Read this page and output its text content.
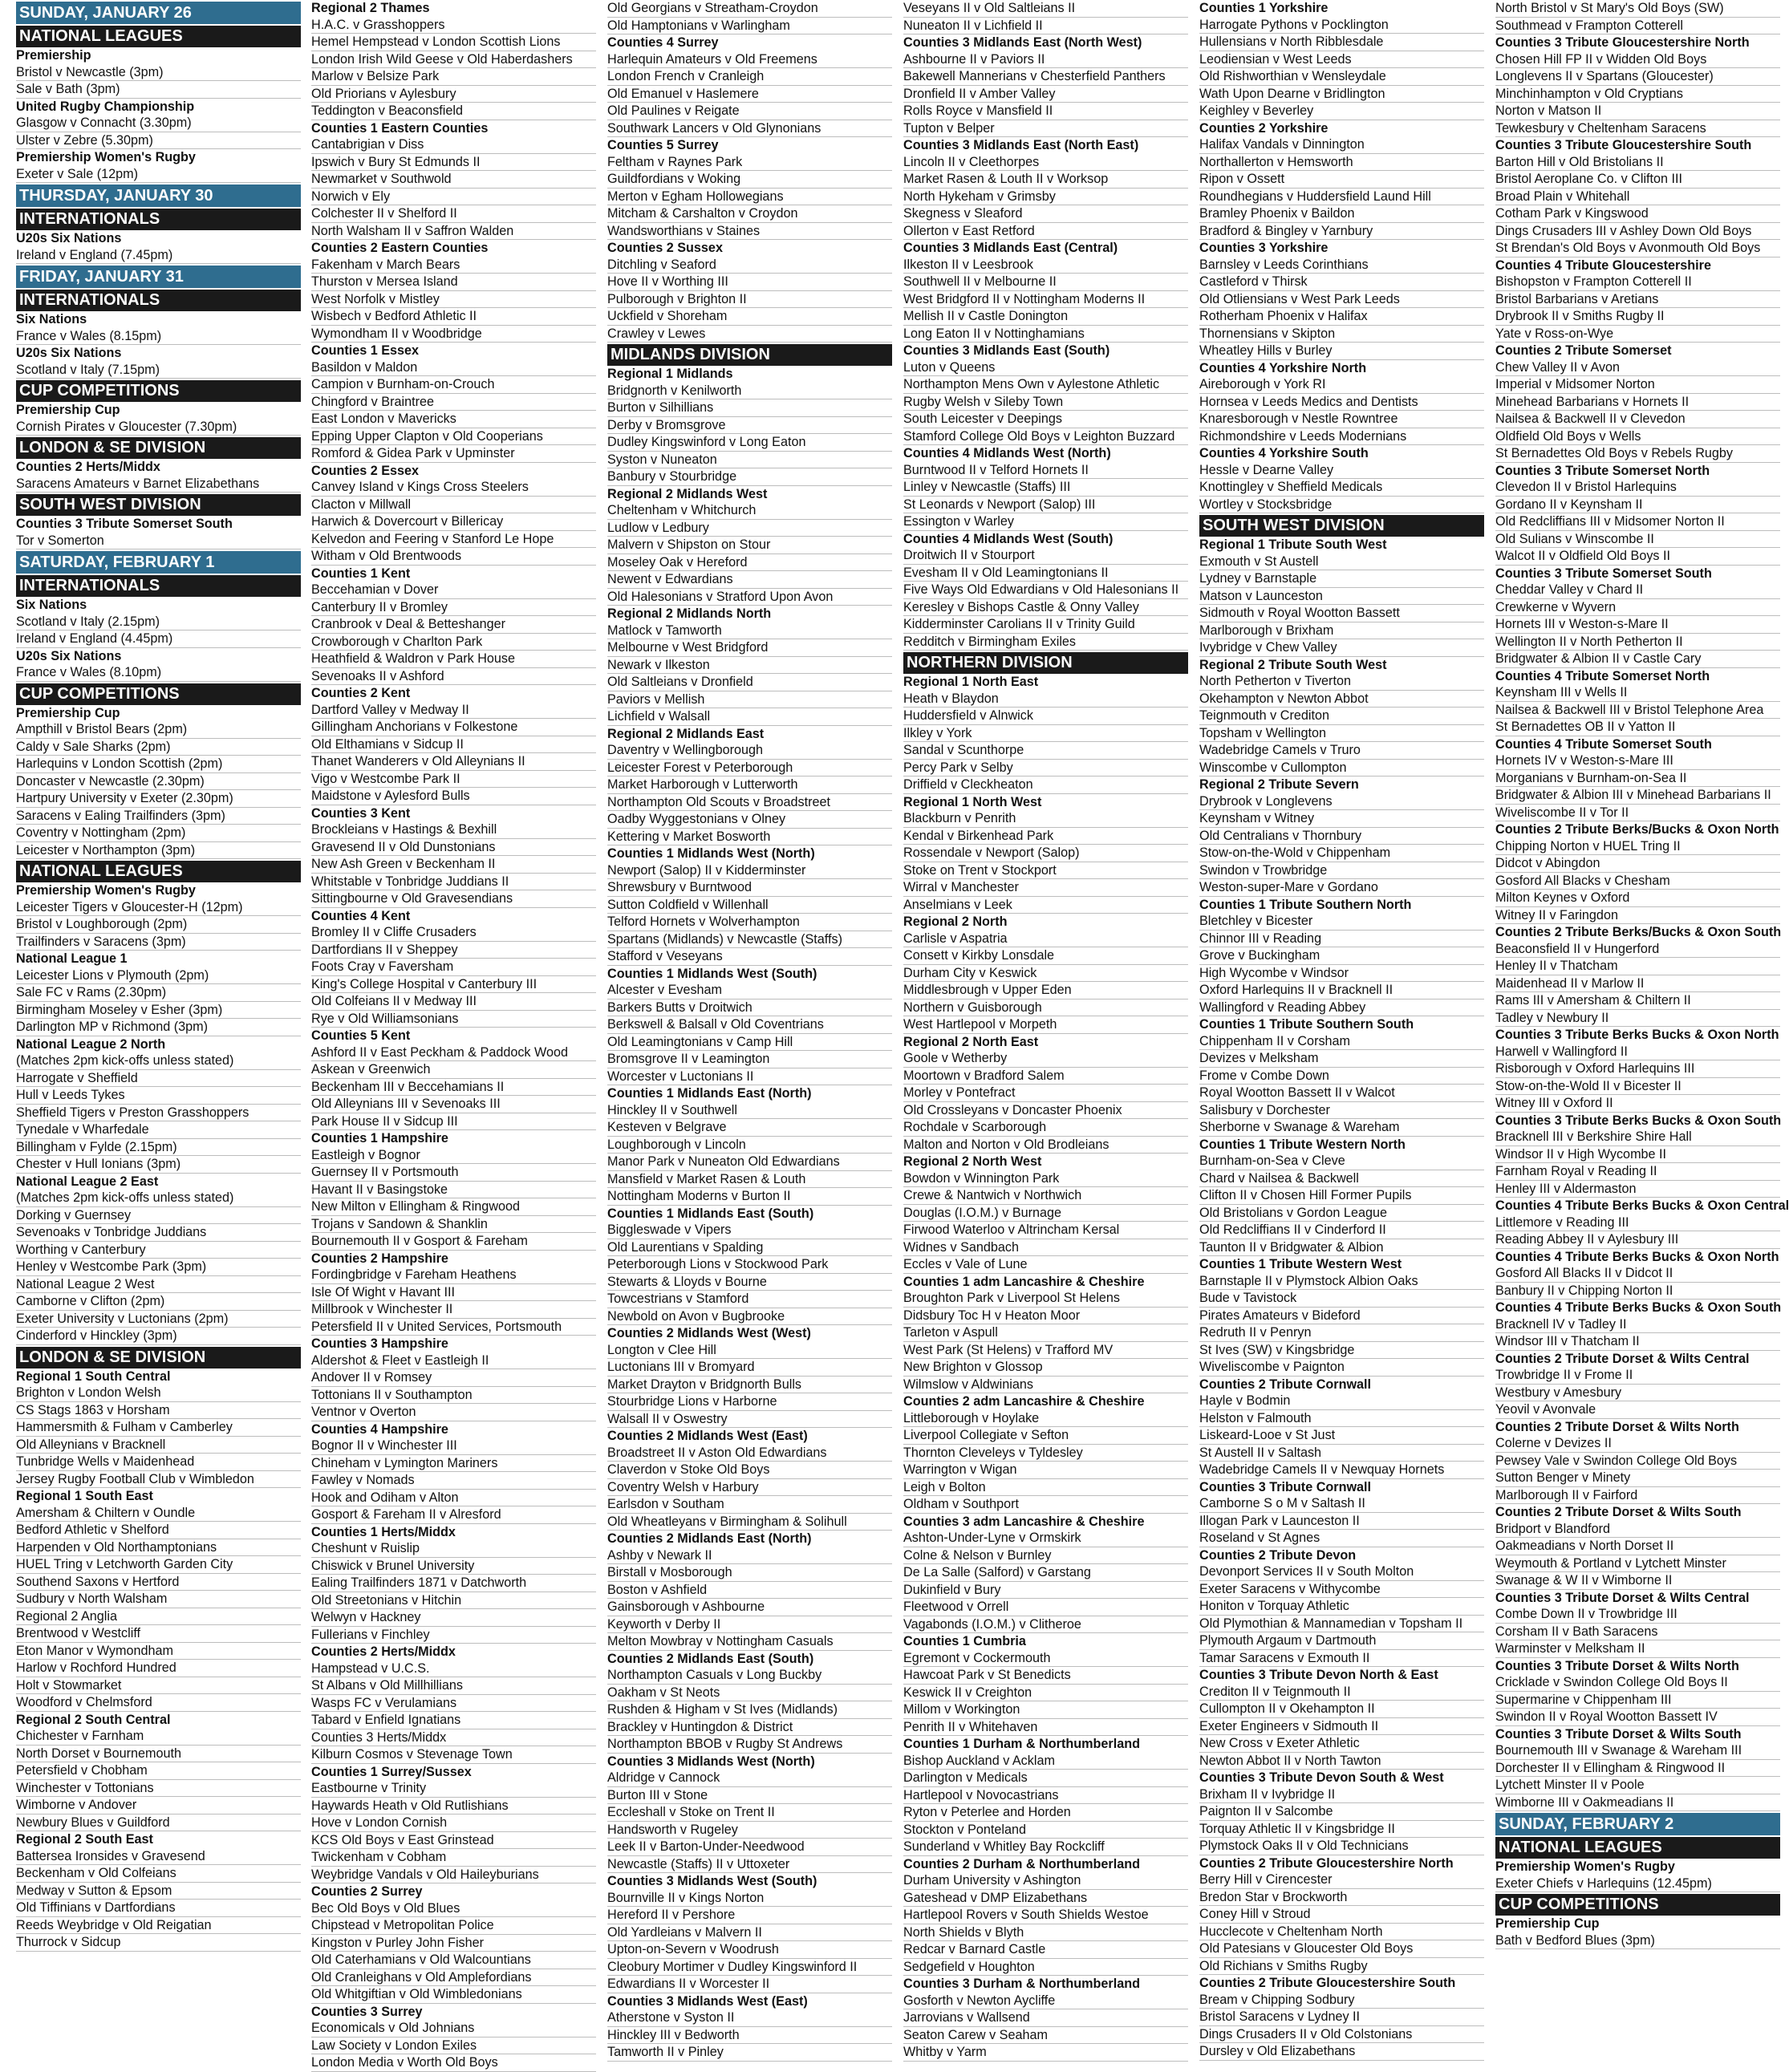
SUNDAY, JANUARY 26
NATIONAL LEAGUES
Premiership
Bristol v Newcastle (3pm)
Sale v Bath (3pm)
United Rugby Championship
Glasgow v Connacht (3.30pm)
Ulster v Zebre (5.30pm)
Premiership Women's Rugby
Exeter v Sale (12pm)
THURSDAY, JANUARY 30
INTERNATIONALS
U20s Six Nations
Ireland v England (7.45pm)
FRIDAY, JANUARY 31
INTERNATIONALS
Six Nations
France v Wales (8.15pm)
U20s Six Nations
Scotland v Italy (7.15pm)
CUP COMPETITIONS
Premiership Cup
Cornish Pirates v Gloucester (7.30pm)
LONDON & SE DIVISION
Counties 2 Herts/Middx
Saracens Amateurs v Barnet Elizabethans
SOUTH WEST DIVISION
Counties 3 Tribute Somerset South
Tor v Somerton
SATURDAY, FEBRUARY 1
INTERNATIONALS
Six Nations
Scotland v Italy (2.15pm)
Ireland v England (4.45pm)
U20s Six Nations
France v Wales (8.10pm)
CUP COMPETITIONS
Premiership Cup
Ampthill v Bristol Bears (2pm)
Caldy v Sale Sharks (2pm)
Harlequins v London Scottish (2pm)
Doncaster v Newcastle (2.30pm)
Hartpury University v Exeter (2.30pm)
Saracens v Ealing Trailfinders (3pm)
Coventry v Nottingham (2pm)
Leicester v Northampton (3pm)
NATIONAL LEAGUES
Premiership Women's Rugby
Leicester Tigers v Gloucester-H (12pm)
Bristol v Loughborough (2pm)
Trailfinders v Saracens (3pm)
National League 1
Leicester Lions v Plymouth (2pm)
Sale FC v Rams (2.30pm)
Birmingham Moseley v Esher (3pm)
Darlington MP v Richmond (3pm)
National League 2 North
(Matches 2pm kick-offs unless stated)
Harrogate v Sheffield
Hull v Leeds Tykes
Sheffield Tigers v Preston Grasshoppers
Tynedale v Wharfedale
Billingham v Fylde (2.15pm)
Chester v Hull Ionians (3pm)
National League 2 East
(Matches 2pm kick-offs unless stated)
Dorking v Guernsey
Sevenoaks v Tonbridge Juddians
Worthing v Canterbury
Henley v Westcombe Park (3pm)
National League 2 West
Camborne v Clifton (2pm)
Exeter University v Luctonians (2pm)
Cinderford v Hinckley (3pm)
LONDON & SE DIVISION
Regional 1 South Central
Brighton v London Welsh
CS Stags 1863 v Horsham
Hammersmith & Fulham v Camberley
Old Alleynians v Bracknell
Tunbridge Wells v Maidenhead
Jersey Rugby Football Club v Wimbledon
Regional 1 South East
Amersham & Chiltern v Oundle
Bedford Athletic v Shelford
Harpenden v Old Northamptonians
HUEL Tring v Letchworth Garden City
Southend Saxons v Hertford
Sudbury v North Walsham
Regional 2 Anglia
Brentwood v Westcliff
Eton Manor v Wymondham
Harlow v Rochford Hundred
Holt v Stowmarket
Woodford v Chelmsford
Regional 2 South Central
Chichester v Farnham
North Dorset v Bournemouth
Petersfield v Chobham
Winchester v Tottonians
Wimborne v Andover
Newbury Blues v Guildford
Regional 2 South East
Battersea Ironsides v Gravesend
Beckenham v Old Colfeians
Medway v Sutton & Epsom
Old Tiffinians v Dartfordians
Reeds Weybridge v Old Reigatian
Thurrock v Sidcup
Regional 2 Thames
H.A.C. v Grasshoppers
Hemel Hempstead v London Scottish Lions
London Irish Wild Geese v Old Haberdashers
Marlow v Belsize Park
Old Priorians v Aylesbury
Teddington v Beaconsfield
Counties 1 Eastern Counties
Cantabrigian v Diss
Ipswich v Bury St Edmunds II
Newmarket v Southwold
Norwich v Ely
Colchester II v Shelford II
North Walsham II v Saffron Walden
Counties 2 Eastern Counties
Fakenham v March Bears
Thurston v Mersea Island
West Norfolk v Mistley
Wisbech v Bedford Athletic II
Wymondham II v Woodbridge
Counties 1 Essex
Basildon v Maldon
Campion v Burnham-on-Crouch
Chingford v Braintree
East London v Mavericks
Epping Upper Clapton v Old Cooperians
Romford & Gidea Park v Upminster
Counties 2 Essex
Canvey Island v Kings Cross Steelers
Clacton v Millwall
Harwich & Dovercourt v Billericay
Kelvedon and Feering v Stanford Le Hope
Witham v Old Brentwoods
Counties 1 Kent
Beccehamian v Dover
Canterbury II v Bromley
Cranbrook v Deal & Betteshanger
Crowborough v Charlton Park
Heathfield & Waldron v Park House
Sevenoaks II v Ashford
Counties 2 Kent
Dartford Valley v Medway II
Gillingham Anchorians v Folkestone
Old Elthamians v Sidcup II
Thanet Wanderers v Old Alleynians II
Vigo v Westcombe Park II
Maidstone v Aylesford Bulls
Counties 3 Kent
Brockleians v Hastings & Bexhill
Gravesend II v Old Dunstonians
New Ash Green v Beckenham II
Whitstable v Tonbridge Juddians II
Sittingbourne v Old Gravesendians
Counties 4 Kent
Bromley II v Cliffe Crusaders
Dartfordians II v Sheppey
Foots Cray v Faversham
King's College Hospital v Canterbury III
Old Colfeians II v Medway III
Rye v Old Williamsonians
Counties 5 Kent
Ashford II v East Peckham & Paddock Wood
Askean v Greenwich
Beckenham III v Beccehamians II
Old Alleynians III v Sevenoaks III
Park House II v Sidcup III
Counties 1 Hampshire
Eastleigh v Bognor
Guernsey II v Portsmouth
Havant II v Basingstoke
New Milton v Ellingham & Ringwood
Trojans v Sandown & Shanklin
Bournemouth II v Gosport & Fareham
Counties 2 Hampshire
Fordingbridge v Fareham Heathens
Isle Of Wight v Havant III
Millbrook v Winchester II
Petersfield II v United Services, Portsmouth
Counties 3 Hampshire
Aldershot & Fleet v Eastleigh II
Andover II v Romsey
Tottonians II v Southampton
Ventnor v Overton
Counties 4 Hampshire
Bognor II v Winchester III
Chineham v Lymington Mariners
Fawley v Nomads
Hook and Odiham v Alton
Gosport & Fareham II v Alresford
Counties 1 Herts/Middx
Cheshunt v Ruislip
Chiswick v Brunel University
Ealing Trailfinders 1871 v Datchworth
Old Streetonians v Hitchin
Welwyn v Hackney
Fullerians v Finchley
Counties 2 Herts/Middx
Hampstead v U.C.S.
St Albans v Old Millhillians
Wasps FC v Verulamians
Tabard v Enfield Ignatians
Counties 3 Herts/Middx
Kilburn Cosmos v Stevenage Town
Counties 1 Surrey/Sussex
Eastbourne v Trinity
Haywards Heath v Old Rutlishians
Hove v London Cornish
KCS Old Boys v East Grinstead
Twickenham v Cobham
Weybridge Vandals v Old Haileyburians
Counties 2 Surrey
Bec Old Boys v Old Blues
Chipstead v Metropolitan Police
Kingston v Purley John Fisher
Old Caterhamians v Old Walcountians
Old Cranleighans v Old Amplefordians
Old Whitgiftian v Old Wimbledonians
Counties 3 Surrey
Economicals v Old Johnians
Law Society v London Exiles
London Media v Worth Old Boys
Old Georgians v Streatham-Croydon
Old Hamptonians v Warlingham
Counties 4 Surrey
Harlequin Amateurs v Old Freemens
London French v Cranleigh
Old Emanuel v Haslemere
Old Paulines v Reigate
Southwark Lancers v Old Glynonians
Counties 5 Surrey
Feltham v Raynes Park
Guildfordians v Woking
Merton v Egham Hollowegians
Mitcham & Carshalton v Croydon
Wandsworthians v Staines
Counties 2 Sussex
Ditchling v Seaford
Hove II v Worthing III
Pulborough v Brighton II
Uckfield v Shoreham
Crawley v Lewes
MIDLANDS DIVISION
Regional 1 Midlands
Bridgnorth v Kenilworth
Burton v Silhillians
Derby v Bromsgrove
Dudley Kingswinford v Long Eaton
Syston v Nuneaton
Banbury v Stourbridge
Regional 2 Midlands West
Cheltenham v Whitchurch
Ludlow v Ledbury
Malvern v Shipston on Stour
Moseley Oak v Hereford
Newent v Edwardians
Old Halesonians v Stratford Upon Avon
Regional 2 Midlands North
Matlock v Tamworth
Melbourne v West Bridgford
Newark v Ilkeston
Old Saltleians v Dronfield
Paviors v Mellish
Lichfield v Walsall
Regional 2 Midlands East
Daventry v Wellingborough
Leicester Forest v Peterborough
Market Harborough v Lutterworth
Northampton Old Scouts v Broadstreet
Oadby Wyggestonians v Olney
Kettering v Market Bosworth
Counties 1 Midlands West (North)
Newport (Salop) II v Kidderminster
Shrewsbury v Burntwood
Sutton Coldfield v Willenhall
Telford Hornets v Wolverhampton
Spartans (Midlands) v Newcastle (Staffs)
Stafford v Veseyans
Counties 1 Midlands West (South)
Alcester v Evesham
Barkers Butts v Droitwich
Berkswell & Balsall v Old Coventrians
Old Leamingtonians v Camp Hill
Bromsgrove II v Leamington
Worcester v Luctonians II
Counties 1 Midlands East (North)
Hinckley II v Southwell
Kesteven v Belgrave
Loughborough v Lincoln
Manor Park v Nuneaton Old Edwardians
Mansfield v Market Rasen & Louth
Nottingham Moderns v Burton II
Counties 1 Midlands East (South)
Biggleswade v Vipers
Old Laurentians v Spalding
Peterborough Lions v Stockwood Park
Stewarts & Lloyds v Bourne
Towcestrians v Stamford
Newbold on Avon v Bugbrooke
Counties 2 Midlands West (West)
Longton v Clee Hill
Luctonians III v Bromyard
Market Drayton v Bridgnorth Bulls
Stourbridge Lions v Harborne
Walsall II v Oswestry
Counties 2 Midlands West (East)
Broadstreet II v Aston Old Edwardians
Claverdon v Stoke Old Boys
Coventry Welsh v Harbury
Earlsdon v Southam
Old Wheatleyans v Birmingham & Solihull
Counties 2 Midlands East (North)
Ashby v Newark II
Birstall v Mosborough
Boston v Ashfield
Gainsborough v Ashbourne
Keyworth v Derby II
Melton Mowbray v Nottingham Casuals
Counties 2 Midlands East (South)
Northampton Casuals v Long Buckby
Oakham v St Neots
Rushden & Higham v St Ives (Midlands)
Brackley v Huntingdon & District
Northampton BBOB v Rugby St Andrews
Counties 3 Midlands West (North)
Aldridge v Cannock
Burton III v Stone
Eccleshall v Stoke on Trent II
Handsworth v Rugeley
Leek II v Barton-Under-Needwood
Newcastle (Staffs) II v Uttoxeter
Counties 3 Midlands West (South)
Bournville II v Kings Norton
Hereford II v Pershore
Old Yardleians v Malvern II
Upton-on-Severn v Woodrush
Cleobury Mortimer v Dudley Kingswinford II
Edwardians II v Worcester II
Counties 3 Midlands West (East)
Atherstone v Syston II
Hinckley III v Bedworth
Tamworth II v Pinley
Veseyans II v Old Saltleians II
Nuneaton II v Lichfield II
Counties 3 Midlands East (North West)
Ashbourne II v Paviors II
Bakewell Mannerians v Chesterfield Panthers
Dronfield II v Amber Valley
Rolls Royce v Mansfield II
Tupton v Belper
Counties 3 Midlands East (North East)
Lincoln II v Cleethorpes
Market Rasen & Louth II v Worksop
North Hykeham v Grimsby
Skegness v Sleaford
Ollerton v East Retford
Counties 3 Midlands East (Central)
Ilkeston II v Leesbrook
Southwell II v Melbourne II
West Bridgford II v Nottingham Moderns II
Mellish II v Castle Donington
Long Eaton II v Nottinghamians
Counties 3 Midlands East (South)
Luton v Queens
Northampton Mens Own v Aylestone Athletic
Rugby Welsh v Sileby Town
South Leicester v Deepings
Stamford College Old Boys v Leighton Buzzard
Counties 4 Midlands West (North)
Burntwood II v Telford Hornets II
Linley v Newcastle (Staffs) III
St Leonards v Newport (Salop) III
Essington v Warley
Counties 4 Midlands West (South)
Droitwich II v Stourport
Evesham II v Old Leamingtonians II
Five Ways Old Edwardians v Old Halesonians II
Keresley v Bishops Castle & Onny Valley
Kidderminster Carolians II v Trinity Guild
Redditch v Birmingham Exiles
NORTHERN DIVISION
Regional 1 North East
Heath v Blaydon
Huddersfield v Alnwick
Ilkley v York
Sandal v Scunthorpe
Percy Park v Selby
Driffield v Cleckheaton
Regional 1 North West
Blackburn v Penrith
Kendal v Birkenhead Park
Rossendale v Newport (Salop)
Stoke on Trent v Stockport
Wirral v Manchester
Anselmians v Leek
Regional 2 North
Carlisle v Aspatria
Consett v Kirkby Lonsdale
Durham City v Keswick
Middlesbrough v Upper Eden
Northern v Guisborough
West Hartlepool v Morpeth
Regional 2 North East
Goole v Wetherby
Moortown v Bradford Salem
Morley v Pontefract
Old Crossleyans v Doncaster Phoenix
Rochdale v Scarborough
Malton and Norton v Old Brodleians
Regional 2 North West
Bowdon v Winnington Park
Crewe & Nantwich v Northwich
Douglas (I.O.M.) v Burnage
Firwood Waterloo v Altrincham Kersal
Widnes v Sandbach
Eccles v Vale of Lune
Counties 1 adm Lancashire & Cheshire
Broughton Park v Liverpool St Helens
Didsbury Toc H v Heaton Moor
Tarleton v Aspull
West Park (St Helens) v Trafford MV
New Brighton v Glossop
Wilmslow v Aldwinians
Counties 2 adm Lancashire & Cheshire
Littleborough v Hoylake
Liverpool Collegiate v Sefton
Thornton Cleveleys v Tyldesley
Warrington v Wigan
Leigh v Bolton
Oldham v Southport
Counties 3 adm Lancashire & Cheshire
Ashton-Under-Lyne v Ormskirk
Colne & Nelson v Burnley
De La Salle (Salford) v Garstang
Dukinfield v Bury
Fleetwood v Orrell
Vagabonds (I.O.M.) v Clitheroe
Counties 1 Cumbria
Egremont v Cockermouth
Hawcoat Park v St Benedicts
Keswick II v Creighton
Millom v Workington
Penrith II v Whitehaven
Counties 1 Durham & Northumberland
Bishop Auckland v Acklam
Darlington v Medicals
Hartlepool v Novocastrians
Ryton v Peterlee and Horden
Stockton v Ponteland
Sunderland v Whitley Bay Rockcliff
Counties 2 Durham & Northumberland
Durham University v Ashington
Gateshead v DMP Elizabethans
Hartlepool Rovers v South Shields Westoe
North Shields v Blyth
Redcar v Barnard Castle
Sedgefield v Houghton
Counties 3 Durham & Northumberland
Gosforth v Newton Aycliffe
Jarrovians v Wallsend
Seaton Carew v Seaham
Whitby v Yarm
Counties 1 Yorkshire
Harrogate Pythons v Pocklington
Hullensians v North Ribblesdale
Leodiensian v West Leeds
Old Rishworthian v Wensleydale
Wath Upon Dearne v Bridlington
Keighley v Beverley
Counties 2 Yorkshire
Halifax Vandals v Dinnington
Northallerton v Hemsworth
Ripon v Ossett
Roundhegians v Huddersfield Laund Hill
Bramley Phoenix v Baildon
Bradford & Bingley v Yarnbury
Counties 3 Yorkshire
Barnsley v Leeds Corinthians
Castleford v Thirsk
Old Otliensians v West Park Leeds
Rotherham Phoenix v Halifax
Thornensians v Skipton
Wheatley Hills v Burley
Counties 4 Yorkshire North
Aireborough v York RI
Hornsea v Leeds Medics and Dentists
Knaresborough v Nestle Rowntree
Richmondshire v Leeds Modernians
Counties 4 Yorkshire South
Hessle v Dearne Valley
Knottingley v Sheffield Medicals
Wortley v Stocksbridge
SOUTH WEST DIVISION
Regional 1 Tribute South West
Exmouth v St Austell
Lydney v Barnstaple
Matson v Launceston
Sidmouth v Royal Wootton Bassett
Marlborough v Brixham
Ivybridge v Chew Valley
Regional 2 Tribute South West
North Petherton v Tiverton
Okehampton v Newton Abbot
Teignmouth v Crediton
Topsham v Wellington
Wadebridge Camels v Truro
Winscombe v Cullompton
Regional 2 Tribute Severn
Drybrook v Longlevens
Keynsham v Witney
Old Centralians v Thornbury
Stow-on-the-Wold v Chippenham
Swindon v Trowbridge
Weston-super-Mare v Gordano
Counties 1 Tribute Southern North
Bletchley v Bicester
Chinnor III v Reading
Grove v Buckingham
High Wycombe v Windsor
Oxford Harlequins II v Bracknell II
Wallingford v Reading Abbey
Counties 1 Tribute Southern South
Chippenham II v Corsham
Devizes v Melksham
Frome v Combe Down
Royal Wootton Bassett II v Walcot
Salisbury v Dorchester
Sherborne v Swanage & Wareham
Counties 1 Tribute Western North
Burnham-on-Sea v Cleve
Chard v Nailsea & Backwell
Clifton II v Chosen Hill Former Pupils
Old Bristolians v Gordon League
Old Redcliffians II v Cinderford II
Taunton II v Bridgwater & Albion
Counties 1 Tribute Western West
Barnstaple II v Plymstock Albion Oaks
Bude v Tavistock
Pirates Amateurs v Bideford
Redruth II v Penryn
St Ives (SW) v Kingsbridge
Wiveliscombe v Paignton
Counties 2 Tribute Cornwall
Hayle v Bodmin
Helston v Falmouth
Liskeard-Looe v St Just
St Austell II v Saltash
Wadebridge Camels II v Newquay Hornets
Counties 3 Tribute Cornwall
Camborne S o M v Saltash II
Illogan Park v Launceston II
Roseland v St Agnes
Counties 2 Tribute Devon
Devonport Services II v South Molton
Exeter Saracens v Withycombe
Honiton v Torquay Athletic
Old Plymothian & Mannamedian v Topsham II
Plymouth Argaum v Dartmouth
Tamar Saracens v Exmouth II
Counties 3 Tribute Devon North & East
Crediton II v Teignmouth II
Cullompton II v Okehampton II
Exeter Engineers v Sidmouth II
New Cross v Exeter Athletic
Newton Abbot II v North Tawton
Counties 3 Tribute Devon South & West
Brixham II v Ivybridge II
Paignton II v Salcombe
Torquay Athletic II v Kingsbridge II
Plymstock Oaks II v Old Technicians
Counties 2 Tribute Gloucestershire North
Berry Hill v Cirencester
Bredon Star v Brockworth
Coney Hill v Stroud
Hucclecote v Cheltenham North
Old Patesians v Gloucester Old Boys
Old Richians v Smiths Rugby
Counties 2 Tribute Gloucestershire South
Bream v Chipping Sodbury
Bristol Saracens v Lydney II
Dings Crusaders II v Old Colstonians
Dursley v Old Elizabethans
North Bristol v St Mary's Old Boys (SW)
Southmead v Frampton Cotterell
Counties 3 Tribute Gloucestershire North
Chosen Hill FP II v Widden Old Boys
Longlevens II v Spartans (Gloucester)
Minchinhampton v Old Cryptians
Norton v Matson II
Tewkesbury v Cheltenham Saracens
Counties 3 Tribute Gloucestershire South
Barton Hill v Old Bristolians II
Bristol Aeroplane Co. v Clifton III
Broad Plain v Whitehall
Cotham Park v Kingswood
Dings Crusaders III v Ashley Down Old Boys
St Brendan's Old Boys v Avonmouth Old Boys
Counties 4 Tribute Gloucestershire
Bishopston v Frampton Cotterell II
Bristol Barbarians v Aretians
Drybrook II v Smiths Rugby II
Yate v Ross-on-Wye
Counties 2 Tribute Somerset
Chew Valley II v Avon
Imperial v Midsomer Norton
Minehead Barbarians v Hornets II
Nailsea & Backwell II v Clevedon
Oldfield Old Boys v Wells
St Bernadettes Old Boys v Rebels Rugby
Counties 3 Tribute Somerset North
Clevedon II v Bristol Harlequins
Gordano II v Keynsham II
Old Redcliffians III v Midsomer Norton II
Old Sulians v Winscombe II
Walcot II v Oldfield Old Boys II
Counties 3 Tribute Somerset South
Cheddar Valley v Chard II
Crewkerne v Wyvern
Hornets III v Weston-s-Mare II
Wellington II v North Petherton II
Bridgwater & Albion II v Castle Cary
Counties 4 Tribute Somerset North
Keynsham III v Wells II
Nailsea & Backwell III v Bristol Telephone Area
St Bernadettes OB II v Yatton II
Counties 4 Tribute Somerset South
Hornets IV v Weston-s-Mare III
Morganians v Burnham-on-Sea II
Bridgwater & Albion III v Minehead Barbarians II
Wiveliscombe II v Tor II
Counties 2 Tribute Berks/Bucks & Oxon North
Chipping Norton v HUEL Tring II
Didcot v Abingdon
Gosford All Blacks v Chesham
Milton Keynes v Oxford
Witney II v Faringdon
Counties 2 Tribute Berks/Bucks & Oxon South
Beaconsfield II v Hungerford
Henley II v Thatcham
Maidenhead II v Marlow II
Rams III v Amersham & Chiltern II
Tadley v Newbury II
Counties 3 Tribute Berks Bucks & Oxon North
Harwell v Wallingford II
Risborough v Oxford Harlequins III
Stow-on-the-Wold II v Bicester II
Witney III v Oxford II
Counties 3 Tribute Berks Bucks & Oxon South
Bracknell III v Berkshire Shire Hall
Windsor II v High Wycombe II
Farnham Royal v Reading II
Henley III v Aldermaston
Counties 4 Tribute Berks Bucks & Oxon Central
Littlemore v Reading III
Reading Abbey II v Aylesbury III
Counties 4 Tribute Berks Bucks & Oxon North
Gosford All Blacks II v Didcot II
Banbury II v Chipping Norton II
Counties 4 Tribute Berks Bucks & Oxon South
Bracknell IV v Tadley II
Windsor III v Thatcham II
Counties 2 Tribute Dorset & Wilts Central
Trowbridge II v Frome II
Westbury v Amesbury
Yeovil v Avonvale
Counties 2 Tribute Dorset & Wilts North
Colerne v Devizes II
Pewsey Vale v Swindon College Old Boys
Sutton Benger v Minety
Marlborough II v Fairford
Counties 2 Tribute Dorset & Wilts South
Bridport v Blandford
Oakmeadians v North Dorset II
Weymouth & Portland v Lytchett Minster
Swanage & W II v Wimborne II
Counties 3 Tribute Dorset & Wilts Central
Combe Down II v Trowbridge III
Corsham II v Bath Saracens
Warminster v Melksham II
Counties 3 Tribute Dorset & Wilts North
Cricklade v Swindon College Old Boys II
Supermarine v Chippenham III
Swindon II v Royal Wootton Bassett IV
Counties 3 Tribute Dorset & Wilts South
Bournemouth III v Swanage & Wareham III
Dorchester II v Ellingham & Ringwood II
Lytchett Minster II v Poole
Wimborne III v Oakmeadians II
SUNDAY, FEBRUARY 2
NATIONAL LEAGUES
Premiership Women's Rugby
Exeter Chiefs v Harlequins (12.45pm)
CUP COMPETITIONS
Premiership Cup
Bath v Bedford Blues (3pm)
